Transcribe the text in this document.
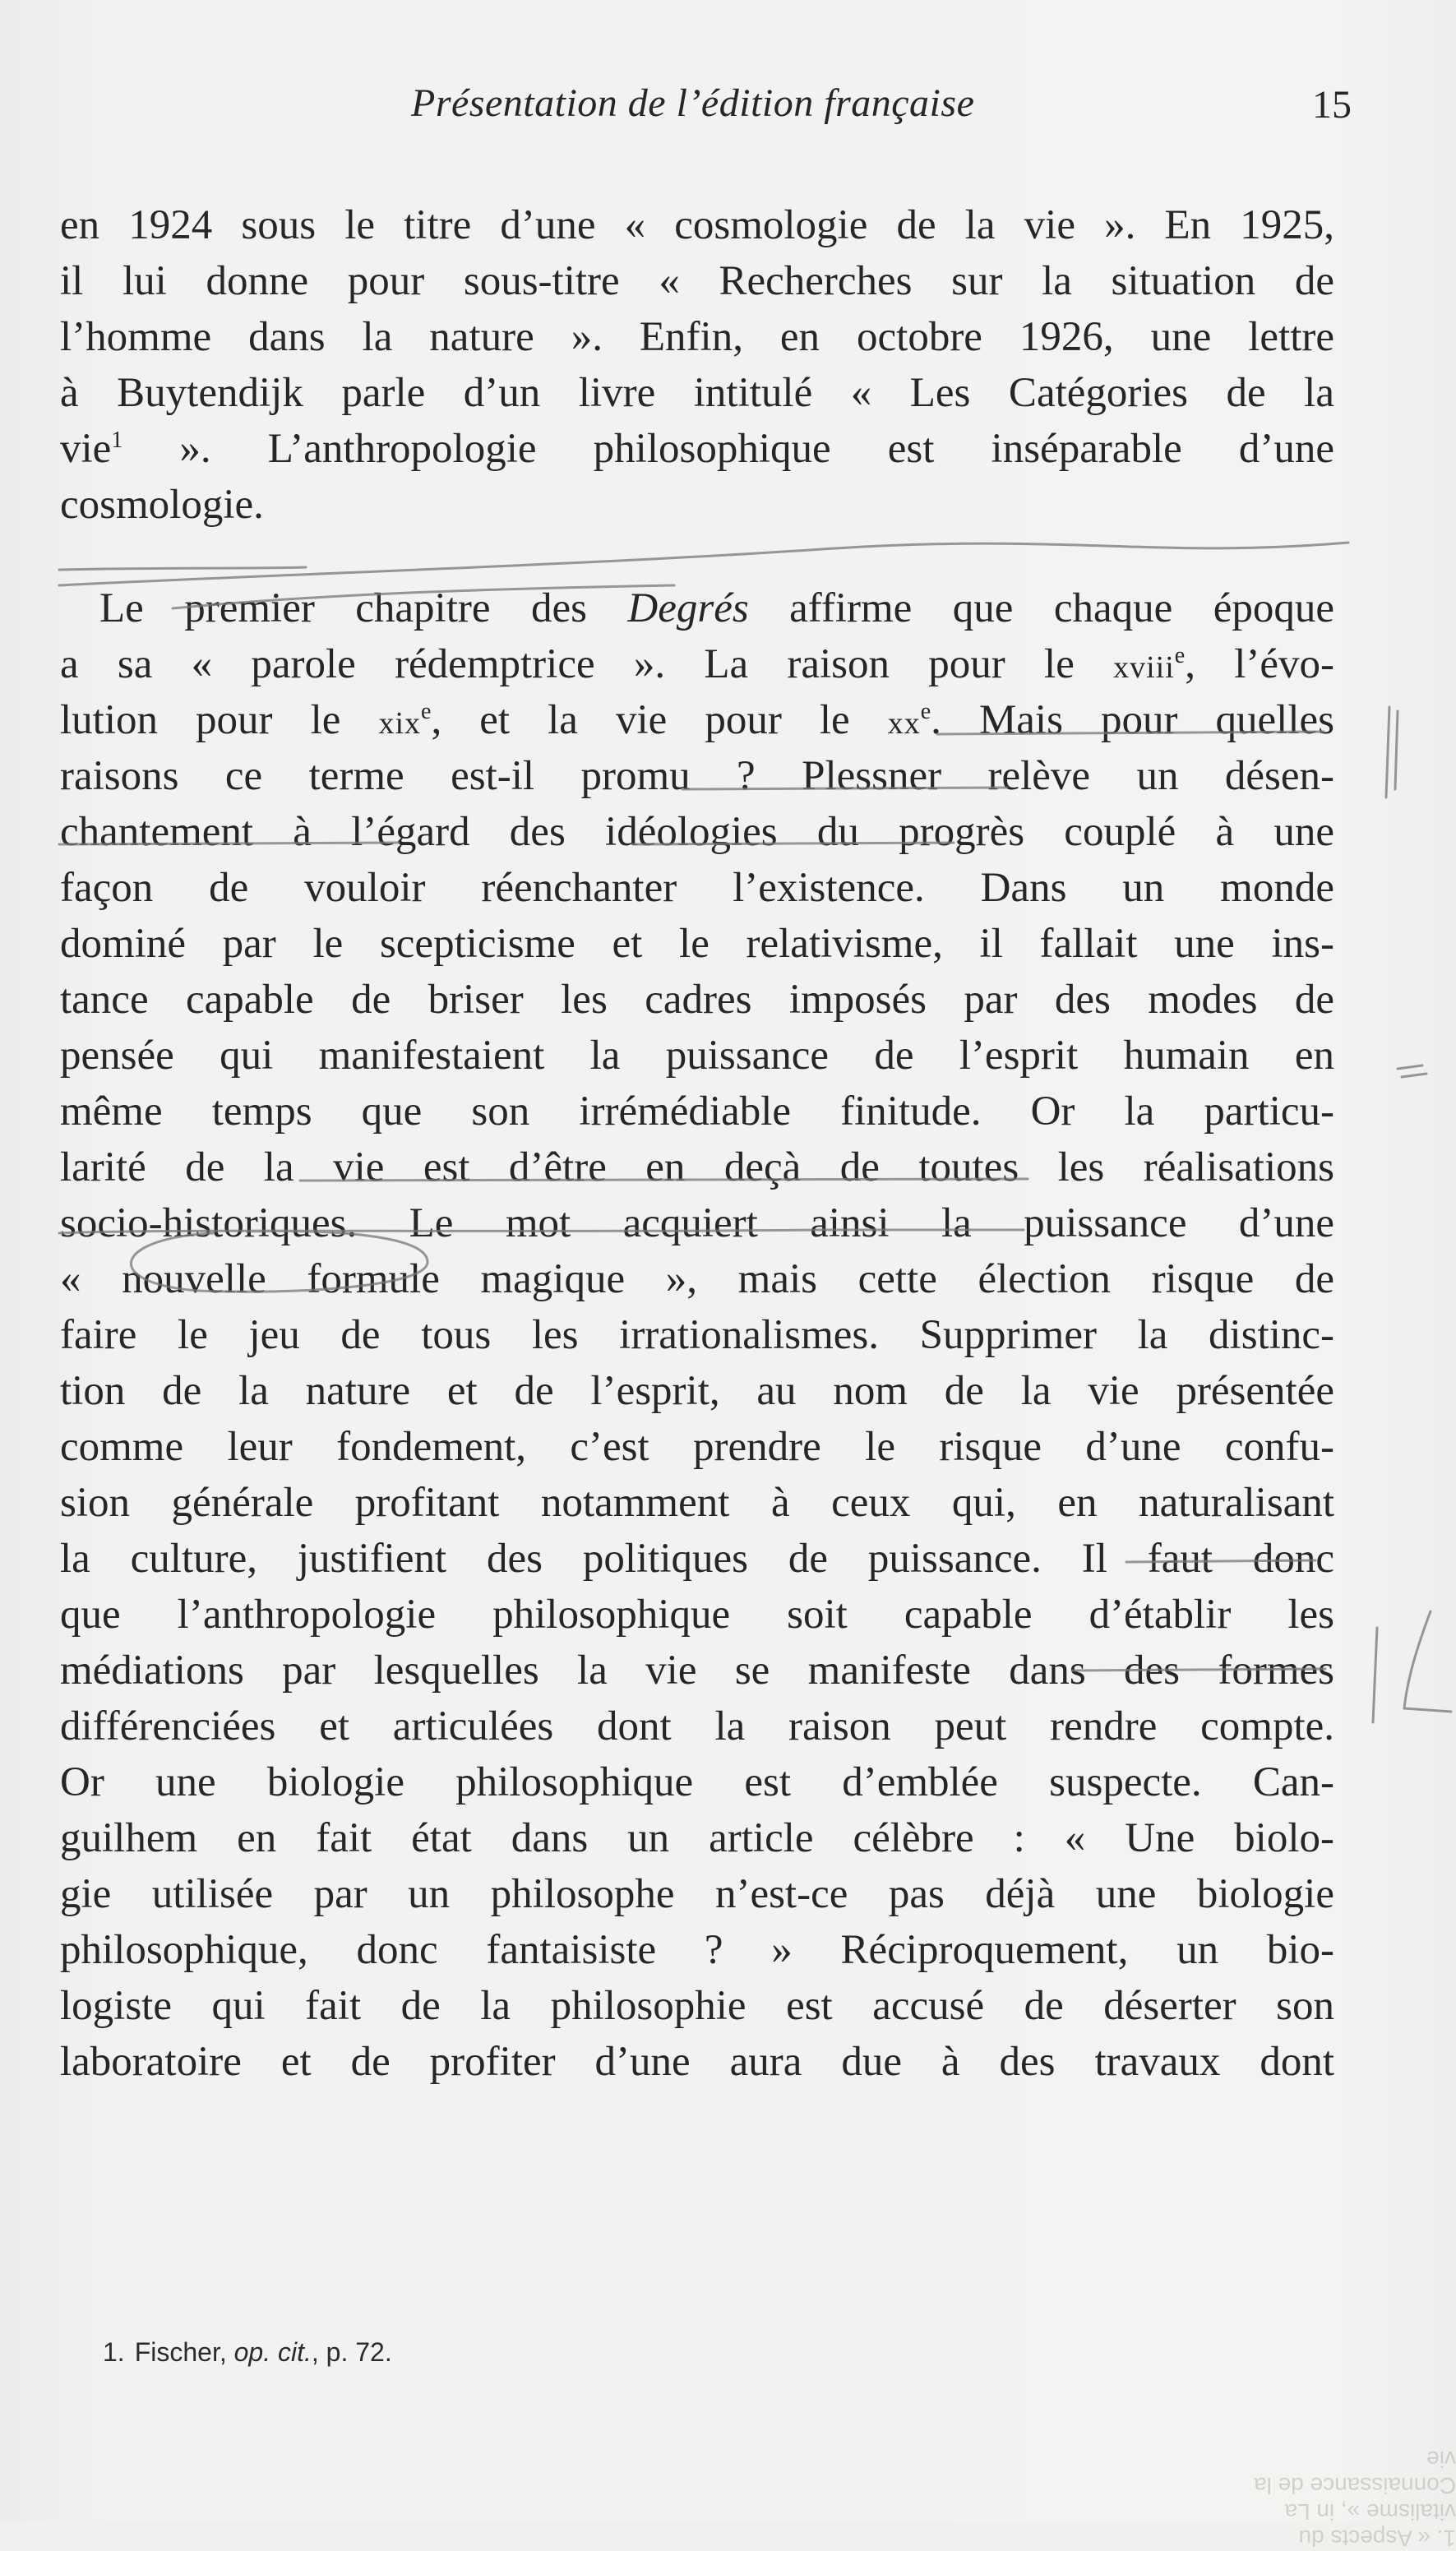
Présentation de l’édition française	15
en 1924 sous le titre d’une « cosmologie de la vie ». En 1925,
il lui donne pour sous-titre « Recherches sur la situation de
l’homme dans la nature ». Enfin, en octobre 1926, une lettre
à Buytendijk parle d’un livre intitulé « Les Catégories de la
vie$^1$ ». L’anthropologie philosophique est inséparable d’une
cosmologie.
Le premier chapitre des Degrés affirme que chaque époque
a sa « parole rédemptrice ». La raison pour le xviii$^e$, l’évo-
lution pour le xix$^e$, et la vie pour le $xx^e$. Mais pour quelles
raisons ce terme est-il promu ? Plessner relève un désen-
chantement à l’égard des idéologies du progrès couplé à une
façon de vouloir réenchanter l’existence. Dans un monde
dominé par le scepticisme et le relativisme, il fallait une ins-
tance capable de briser les cadres imposés par des modes de
pensée qui manifestaient la puissance de l’esprit humain en
même temps que son irrémédiable finitude. Or la particu-
larité de la vie est d’être en deçà de toutes les réalisations
socio-historiques. Le mot acquiert ainsi la puissance d’une
« nouvelle formule magique », mais cette élection risque de
faire le jeu de tous les irrationalismes. Supprimer la distinc-
tion de la nature et de l’esprit, au nom de la vie présentée
comme leur fondement, c’est prendre le risque d’une confu-
sion générale profitant notamment à ceux qui, en naturalisant
la culture, justifient des politiques de puissance. Il faut donc
que l’anthropologie philosophique soit capable d’établir les
médiations par lesquelles la vie se manifeste dans des formes
différenciées et articulées dont la raison peut rendre compte.
Or une biologie philosophique est d’emblée suspecte. Can-
guilhem en fait état dans un article célèbre : « Une biolo-
gie utilisée par un philosophe n’est-ce pas déjà une biologie
philosophique, donc fantaisiste ? » Réciproquement, un bio-
logiste qui fait de la philosophie est accusé de déserter son
laboratoire et de profiter d’une aura due à des travaux dont
1. Fischer, op. cit., p. 72.
1. « Aspects du vitalisme », in La Connaissance de la vie
